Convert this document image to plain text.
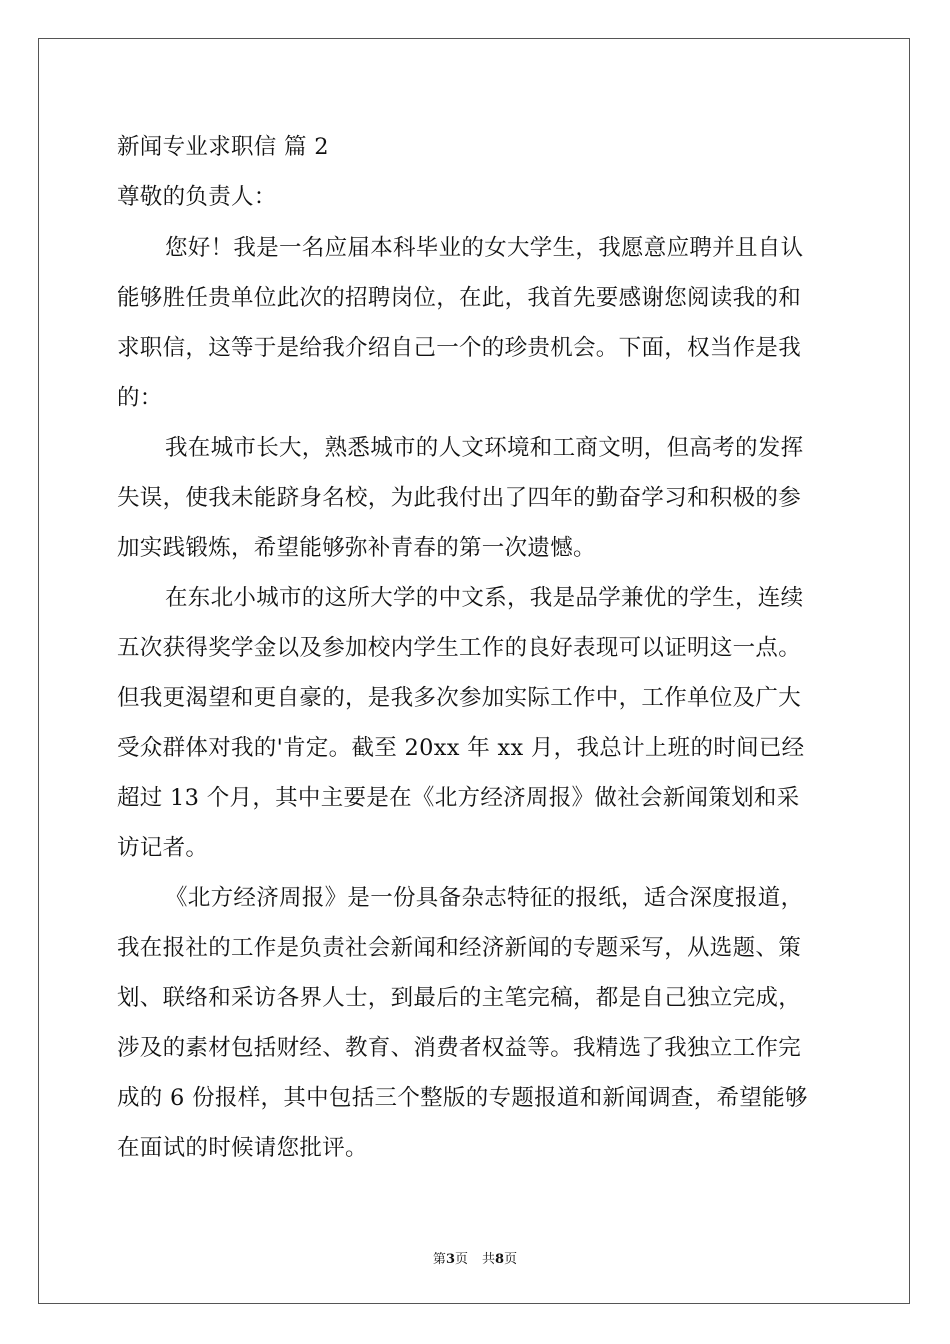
新闻专业求职信 篇 2
尊敬的负责人：
您好！我是一名应届本科毕业的女大学生，我愿意应聘并且自认
能够胜任贵单位此次的招聘岗位，在此，我首先要感谢您阅读我的和
求职信，这等于是给我介绍自己一个的珍贵机会。下面，权当作是我
的：
我在城市长大，熟悉城市的人文环境和工商文明，但高考的发挥
失误，使我未能跻身名校，为此我付出了四年的勤奋学习和积极的参
加实践锻炼，希望能够弥补青春的第一次遗憾。
在东北小城市的这所大学的中文系，我是品学兼优的学生，连续
五次获得奖学金以及参加校内学生工作的良好表现可以证明这一点。
但我更渴望和更自豪的，是我多次参加实际工作中，工作单位及广大
受众群体对我的'肯定。截至 20xx 年 xx 月，我总计上班的时间已经
超过 13 个月，其中主要是在《北方经济周报》做社会新闻策划和采
访记者。
《北方经济周报》是一份具备杂志特征的报纸，适合深度报道，
我在报社的工作是负责社会新闻和经济新闻的专题采写，从选题、策
划、联络和采访各界人士，到最后的主笔完稿，都是自己独立完成，
涉及的素材包括财经、教育、消费者权益等。我精选了我独立工作完
成的 6 份报样，其中包括三个整版的专题报道和新闻调查，希望能够
在面试的时候请您批评。
第3页 共8页
